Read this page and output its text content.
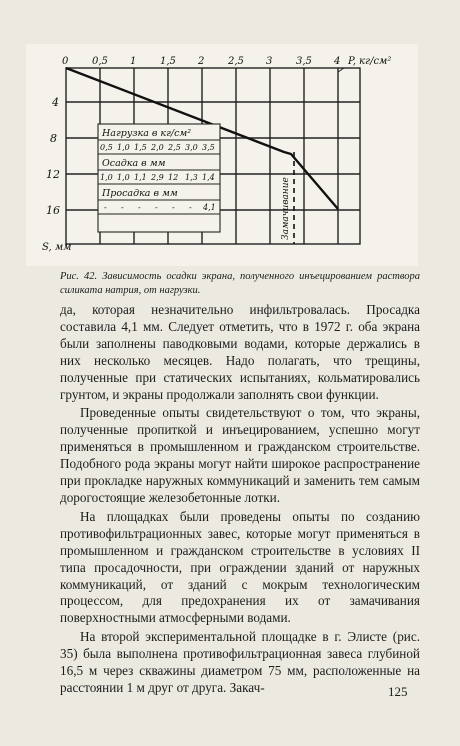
0 0,5 1 1,5 2 2,5 3 3,5 4 P, кг/см²
4
8
12
16
S, мм
Нагрузка в кг/см²
Осадка в мм
Просадка в мм
0,5 1,0 1,5 2,0 2,5 3,0 3,5
1,0 1,0 1,1 2,9 12 1,3 1,4
- - - - - - 4,1	Замачивание
Рис. 42. Зависимость осадки экрана, полученного инъецированием раствора силиката натрия, от нагрузки.

да, которая незначительно инфильтровалась. Просадка составила 4,1 мм. Следует отметить, что в 1972 г. оба экрана были заполнены паводковыми водами, которые держались в них несколько месяцев. Надо полагать, что трещины, полученные при статических испытаниях, кольматировались грунтом, и экраны продолжали заполнять свои функции.

Проведенные опыты свидетельствуют о том, что экраны, полученные пропиткой и инъецированием, успешно могут применяться в промышленном и гражданском строительстве. Подобного рода экраны могут найти широкое распространение при прокладке наружных коммуникаций и заменить тем самым дорогостоящие железобетонные лотки.

На площадках были проведены опыты по созданию противофильтрационных завес, которые могут применяться в промышленном и гражданском строительстве в условиях II типа просадочности, при ограждении зданий от наружных коммуникаций, от зданий с мокрым технологическим процессом, для предохранения их от замачивания поверхностными атмосферными водами.

На второй экспериментальной площадке в г. Элисте (рис. 35) была выполнена противофильтрационная завеса глубиной 16,5 м через скважины диаметром 75 мм, расположенные на расстоянии 1 м друг от друга. Закач-	125
